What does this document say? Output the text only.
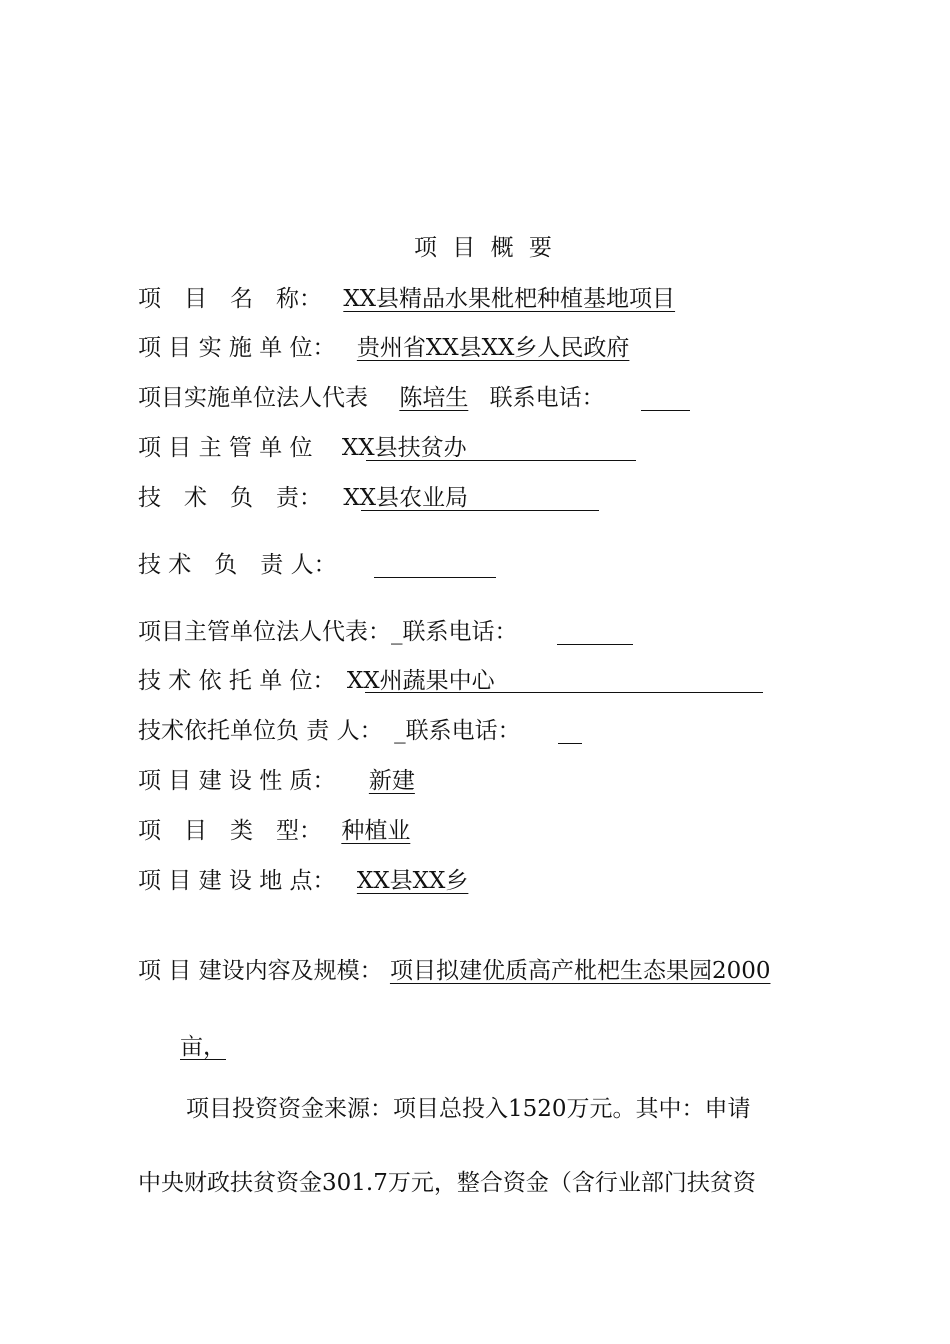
项 目 概 要
项　目　名　称： XX县精品水果枇杷种植基地项目
项 目 实 施 单 位： 贵州省XX县XX乡人民政府
项目实施单位法人代表 陈培生 联系电话：
项 目 主 管 单 位 XX县扶贫办
技　术　负　责： XX县农业局
技 术　负　责 人：
项目主管单位法人代表：_联系电话：
技 术 依 托 单 位： XX州蔬果中心
技术依托单位负 责 人：　_联系电话：
项 目 建 设 性 质： 新建
项　目　类　型： 种植业
项 目 建 设 地 点： XX县XX乡
项 目 建设内容及规模： 项目拟建优质高产枇杷生态果园2000
亩，
项目投资资金来源：项目总投入1520万元。其中：申请
中央财政扶贫资金301.7万元，整合资金（含行业部门扶贫资
